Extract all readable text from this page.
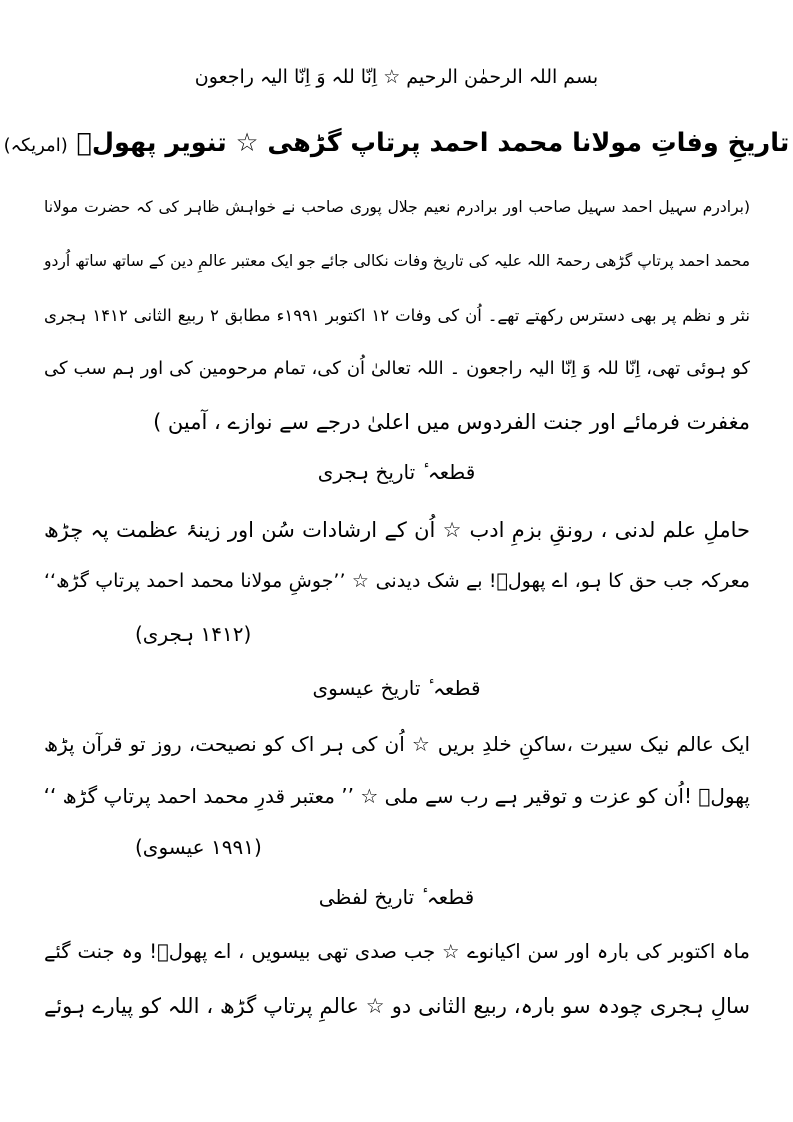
بسم اللہ الرحمٰن الرحیم ☆ اِنّا للہ وَ اِنّا الیہ راجعون
تاریخِ وفاتِ مولانا محمد احمد پرتاپ گڑھی ☆ تنویر پھولؔ (امریکہ)
(برادرم سہیل احمد سہیل صاحب اور برادرم نعیم جلال پوری صاحب نے خواہش ظاہر کی کہ حضرت مولانا
محمد احمد پرتاپ گڑھی رحمۃ اللہ علیہ کی تاریخ وفات نکالی جائے جو ایک معتبر عالمِ دین کے ساتھ ساتھ اُردو
نثر و نظم پر بھی دسترس رکھتے تھے۔ اُن کی وفات ۱۲ اکتوبر ۱۹۹۱ء مطابق ۲ ربیع الثانی ۱۴۱۲ ہجری
کو ہوئی تھی، اِنّا للہ وَ اِنّا الیہ راجعون ۔ اللہ تعالیٰ اُن کی، تمام مرحومین کی اور ہم سب کی
مغفرت فرمائے اور جنت الفردوس میں اعلیٰ درجے سے نوازے ، آمین )
قطعہ ٔ تاریخ ہجری
حاملِ علم لدنی ، رونقِ بزمِ ادب ☆ اُن کے ارشادات سُن اور زینۂ عظمت پہ چڑھ
معرکہ جب حق کا ہو، اے پھولؔ! بے شک دیدنی ☆ ’’جوشِ مولانا محمد احمد پرتاپ گڑھ‘‘
(۱۴۱۲ ہجری)
قطعہ ٔ تاریخ عیسوی
ایک عالم نیک سیرت ،ساکنِ خلدِ بریں ☆ اُن کی ہر اک کو نصیحت، روز تو قرآن پڑھ
پھولؔ !اُن کو عزت و توقیر ہے رب سے ملی ☆ ’’ معتبر قدرِ محمد احمد پرتاپ گڑھ ‘‘
(۱۹۹۱ عیسوی)
قطعہ ٔ تاریخ لفظی
ماہ اکتوبر کی بارہ اور سن اکیانوے ☆ جب صدی تھی بیسویں ، اے پھولؔ! وہ جنت گئے
سالِ ہجری چودہ سو بارہ، ربیع الثانی دو ☆ عالمِ پرتاپ گڑھ ، اللہ کو پیارے ہوئے
